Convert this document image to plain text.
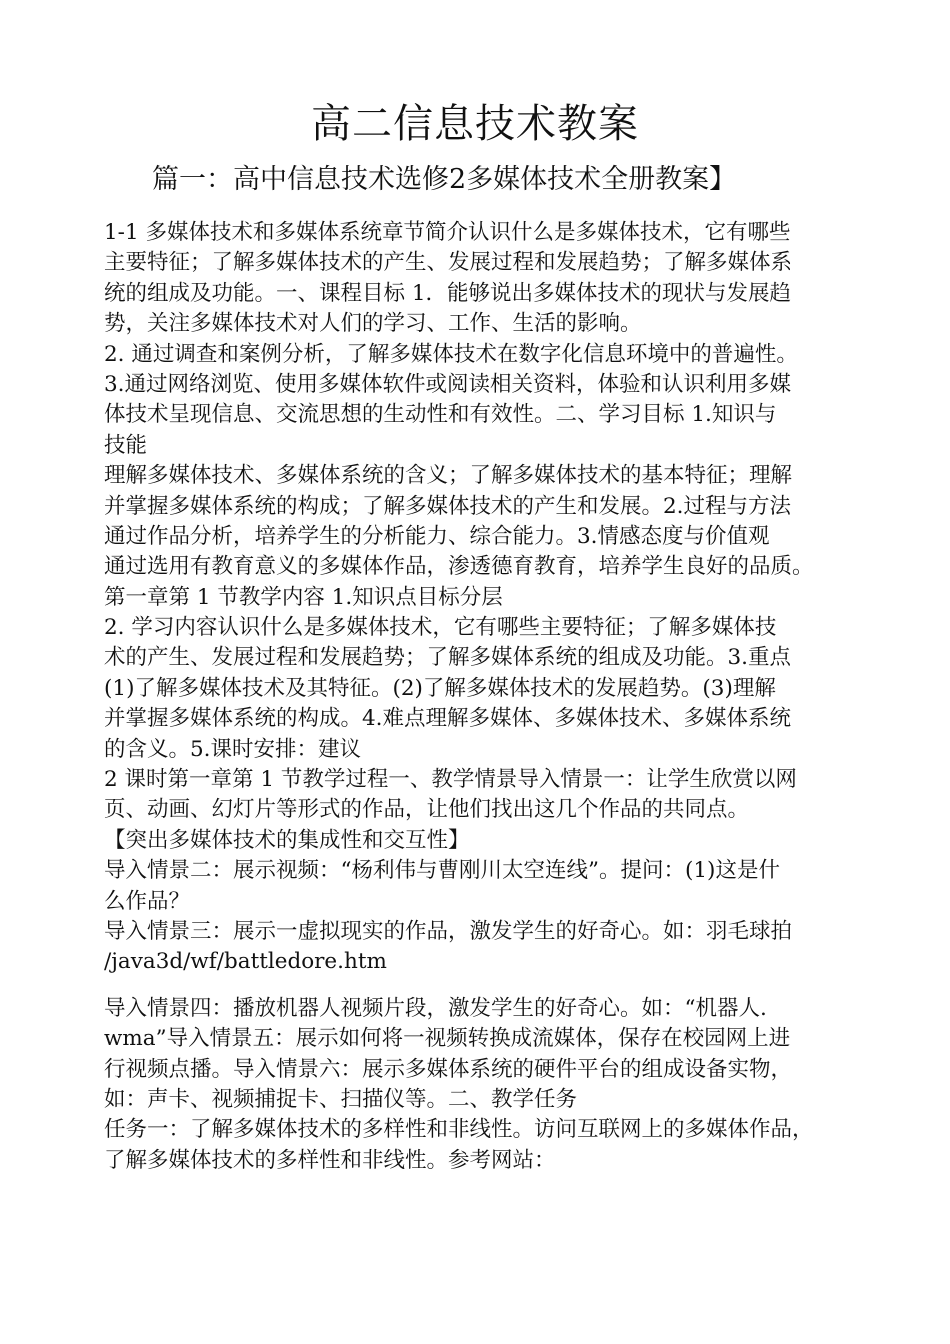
高二信息技术教案
篇一：高中信息技术选修2多媒体技术全册教案】
1-1 多媒体技术和多媒体系统章节简介认识什么是多媒体技术，它有哪些
主要特征；了解多媒体技术的产生、发展过程和发展趋势；了解多媒体系
统的组成及功能。一、课程目标 1．能够说出多媒体技术的现状与发展趋
势，关注多媒体技术对人们的学习、工作、生活的影响。
2. 通过调查和案例分析，了解多媒体技术在数字化信息环境中的普遍性。
3.通过网络浏览、使用多媒体软件或阅读相关资料，体验和认识利用多媒
体技术呈现信息、交流思想的生动性和有效性。二、学习目标 1.知识与
技能
理解多媒体技术、多媒体系统的含义；了解多媒体技术的基本特征；理解
并掌握多媒体系统的构成；了解多媒体技术的产生和发展。2.过程与方法
通过作品分析，培养学生的分析能力、综合能力。3.情感态度与价值观
通过选用有教育意义的多媒体作品，渗透德育教育，培养学生良好的品质。
第一章第 1 节教学内容 1.知识点目标分层
2. 学习内容认识什么是多媒体技术，它有哪些主要特征；了解多媒体技
术的产生、发展过程和发展趋势；了解多媒体系统的组成及功能。3.重点
(1)了解多媒体技术及其特征。(2)了解多媒体技术的发展趋势。(3)理解
并掌握多媒体系统的构成。4.难点理解多媒体、多媒体技术、多媒体系统
的含义。5.课时安排：建议
2 课时第一章第 1 节教学过程一、教学情景导入情景一：让学生欣赏以网
页、动画、幻灯片等形式的作品，让他们找出这几个作品的共同点。
【突出多媒体技术的集成性和交互性】
导入情景二：展示视频：“杨利伟与曹刚川太空连线”。提问：(1)这是什
么作品？
导入情景三：展示一虚拟现实的作品，激发学生的好奇心。如：羽毛球拍
/java3d/wf/battledore.htm
导入情景四：播放机器人视频片段，激发学生的好奇心。如：“机器人.
wma”导入情景五：展示如何将一视频转换成流媒体，保存在校园网上进
行视频点播。导入情景六：展示多媒体系统的硬件平台的组成设备实物，
如：声卡、视频捕捉卡、扫描仪等。二、教学任务
任务一：了解多媒体技术的多样性和非线性。访问互联网上的多媒体作品，
了解多媒体技术的多样性和非线性。参考网站：
